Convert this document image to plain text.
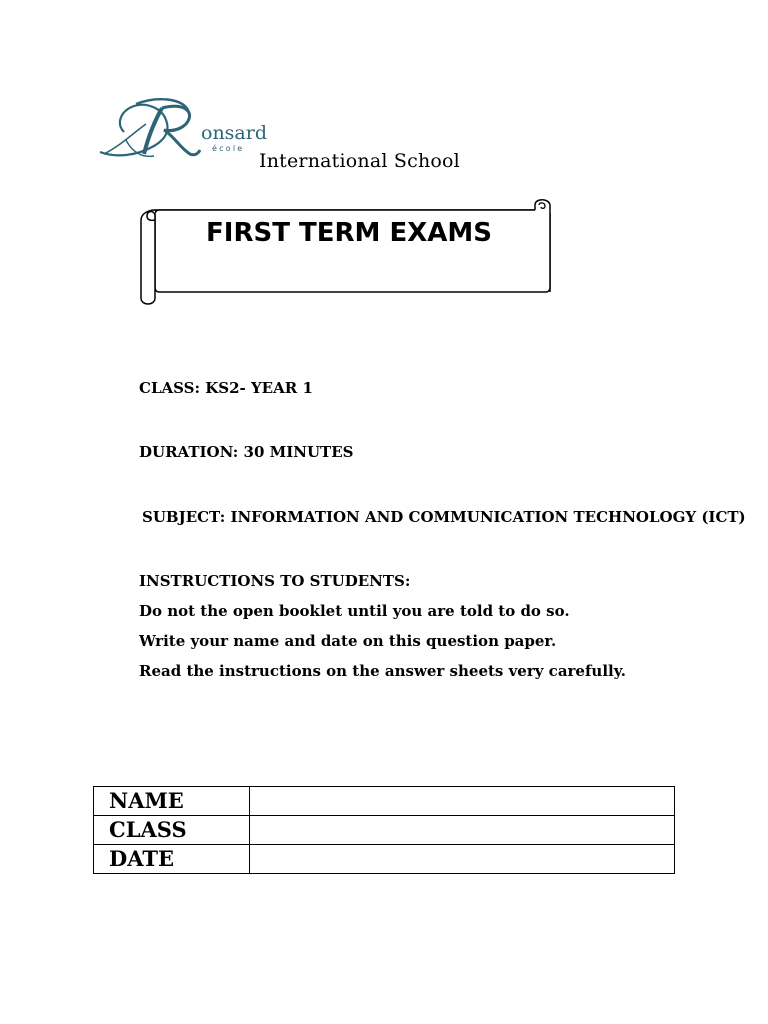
onsard
école
International School
FIRST TERM EXAMS
CLASS: KS2- YEAR 1
DURATION: 30 MINUTES
SUBJECT: INFORMATION AND COMMUNICATION TECHNOLOGY (ICT)
INSTRUCTIONS TO STUDENTS:
Do not the open booklet until you are told to do so.
Write your name and date on this question paper.
Read the instructions on the answer sheets very carefully.
NAME	
CLASS	
DATE	
